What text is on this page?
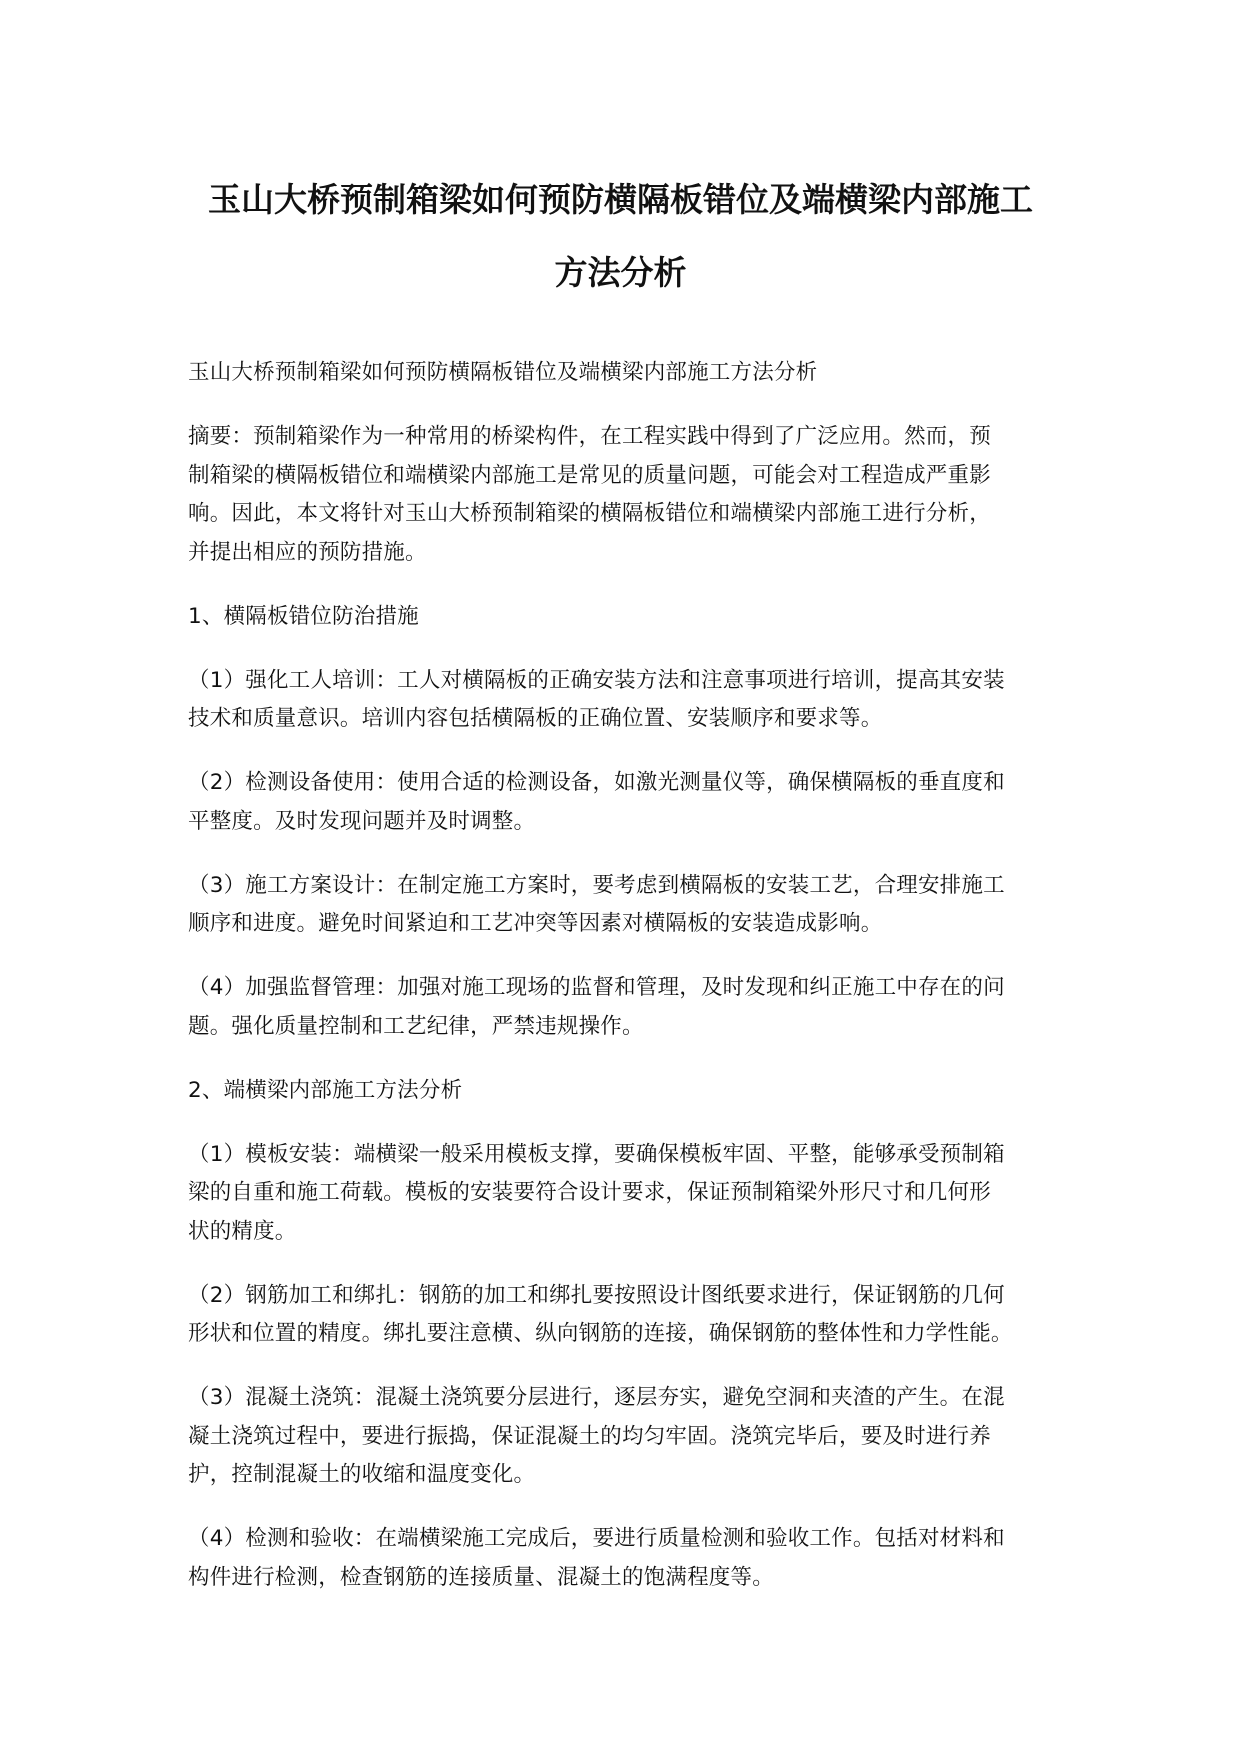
玉山大桥预制箱梁如何预防横隔板错位及端横梁内部施工
方法分析

玉山大桥预制箱梁如何预防横隔板错位及端横梁内部施工方法分析

摘要：预制箱梁作为一种常用的桥梁构件，在工程实践中得到了广泛应用。然而，预
制箱梁的横隔板错位和端横梁内部施工是常见的质量问题，可能会对工程造成严重影
响。因此，本文将针对玉山大桥预制箱梁的横隔板错位和端横梁内部施工进行分析，
并提出相应的预防措施。

1、横隔板错位防治措施

（1）强化工人培训：工人对横隔板的正确安装方法和注意事项进行培训，提高其安装
技术和质量意识。培训内容包括横隔板的正确位置、安装顺序和要求等。

（2）检测设备使用：使用合适的检测设备，如激光测量仪等，确保横隔板的垂直度和
平整度。及时发现问题并及时调整。

（3）施工方案设计：在制定施工方案时，要考虑到横隔板的安装工艺，合理安排施工
顺序和进度。避免时间紧迫和工艺冲突等因素对横隔板的安装造成影响。

（4）加强监督管理：加强对施工现场的监督和管理，及时发现和纠正施工中存在的问
题。强化质量控制和工艺纪律，严禁违规操作。

2、端横梁内部施工方法分析

（1）模板安装：端横梁一般采用模板支撑，要确保模板牢固、平整，能够承受预制箱
梁的自重和施工荷载。模板的安装要符合设计要求，保证预制箱梁外形尺寸和几何形
状的精度。

（2）钢筋加工和绑扎：钢筋的加工和绑扎要按照设计图纸要求进行，保证钢筋的几何
形状和位置的精度。绑扎要注意横、纵向钢筋的连接，确保钢筋的整体性和力学性能。

（3）混凝土浇筑：混凝土浇筑要分层进行，逐层夯实，避免空洞和夹渣的产生。在混
凝土浇筑过程中，要进行振捣，保证混凝土的均匀牢固。浇筑完毕后，要及时进行养
护，控制混凝土的收缩和温度变化。

（4）检测和验收：在端横梁施工完成后，要进行质量检测和验收工作。包括对材料和
构件进行检测，检查钢筋的连接质量、混凝土的饱满程度等。
